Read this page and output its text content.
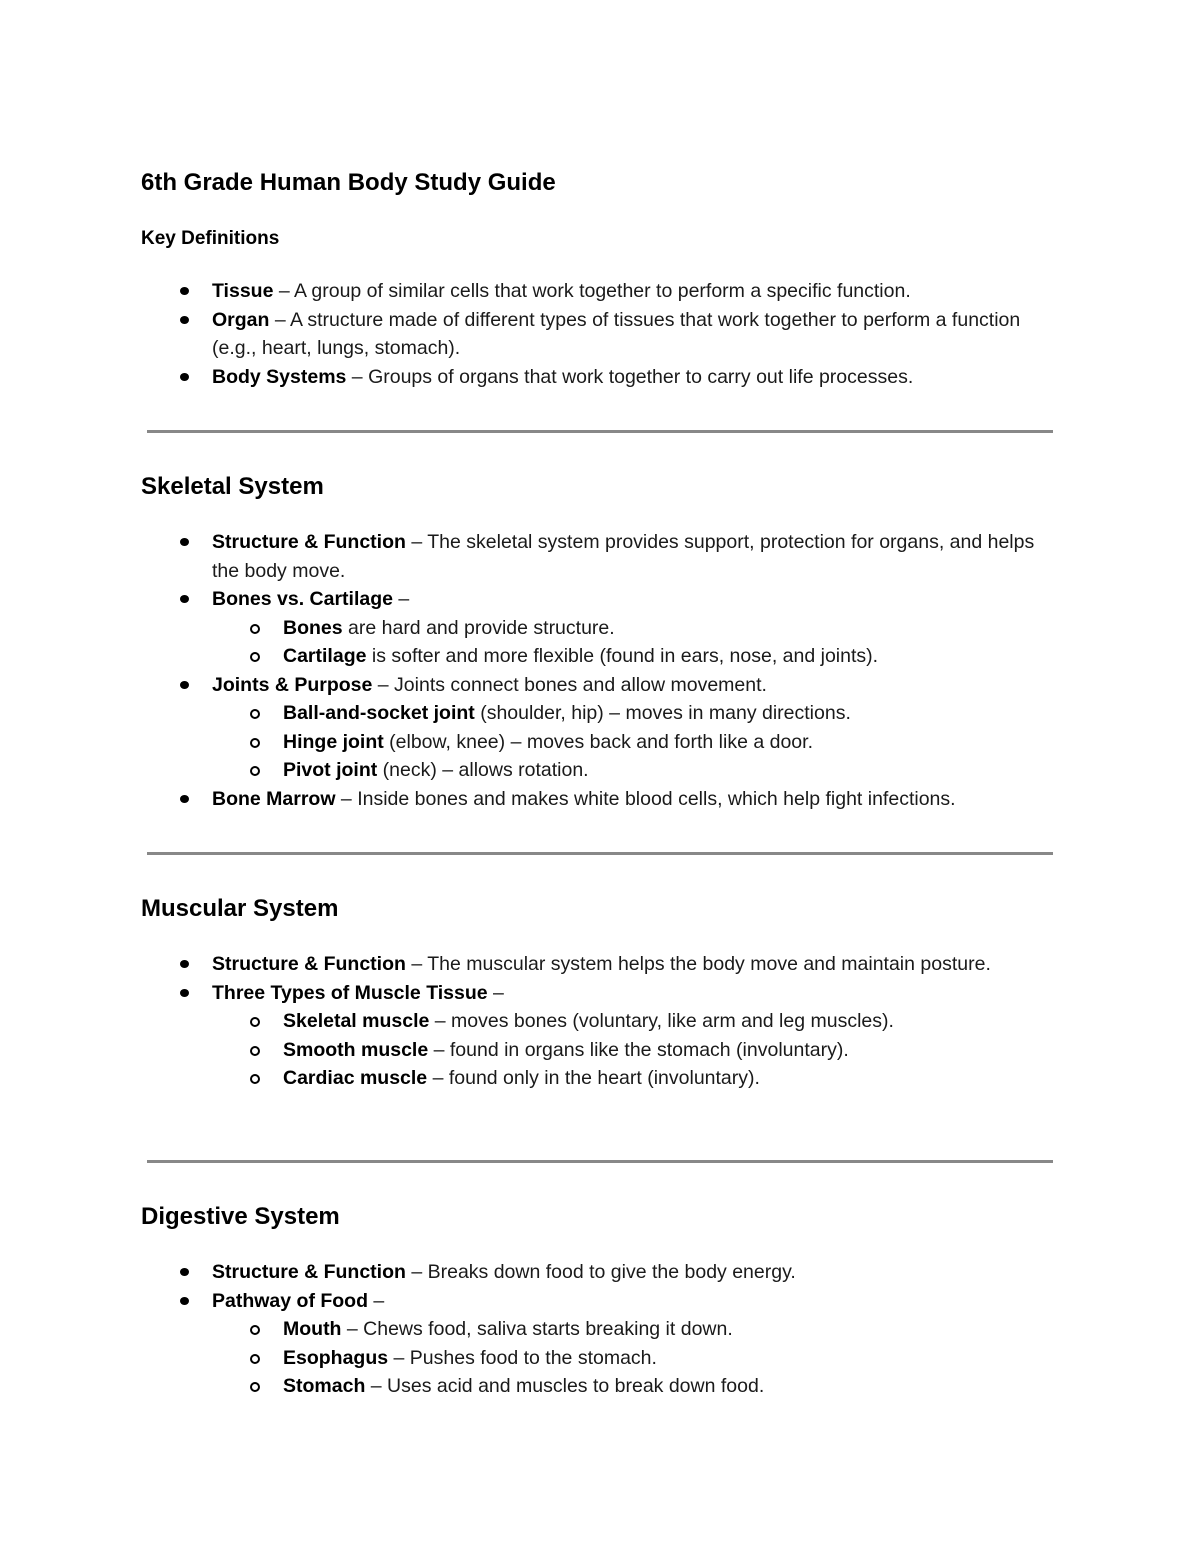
6th Grade Human Body Study Guide
Key Definitions
Tissue – A group of similar cells that work together to perform a specific function.
Organ – A structure made of different types of tissues that work together to perform a function (e.g., heart, lungs, stomach).
Body Systems – Groups of organs that work together to carry out life processes.
Skeletal System
Structure & Function – The skeletal system provides support, protection for organs, and helps the body move.
Bones vs. Cartilage –
Bones are hard and provide structure.
Cartilage is softer and more flexible (found in ears, nose, and joints).
Joints & Purpose – Joints connect bones and allow movement.
Ball-and-socket joint (shoulder, hip) – moves in many directions.
Hinge joint (elbow, knee) – moves back and forth like a door.
Pivot joint (neck) – allows rotation.
Bone Marrow – Inside bones and makes white blood cells, which help fight infections.
Muscular System
Structure & Function – The muscular system helps the body move and maintain posture.
Three Types of Muscle Tissue –
Skeletal muscle – moves bones (voluntary, like arm and leg muscles).
Smooth muscle – found in organs like the stomach (involuntary).
Cardiac muscle – found only in the heart (involuntary).
Digestive System
Structure & Function – Breaks down food to give the body energy.
Pathway of Food –
Mouth – Chews food, saliva starts breaking it down.
Esophagus – Pushes food to the stomach.
Stomach – Uses acid and muscles to break down food.
